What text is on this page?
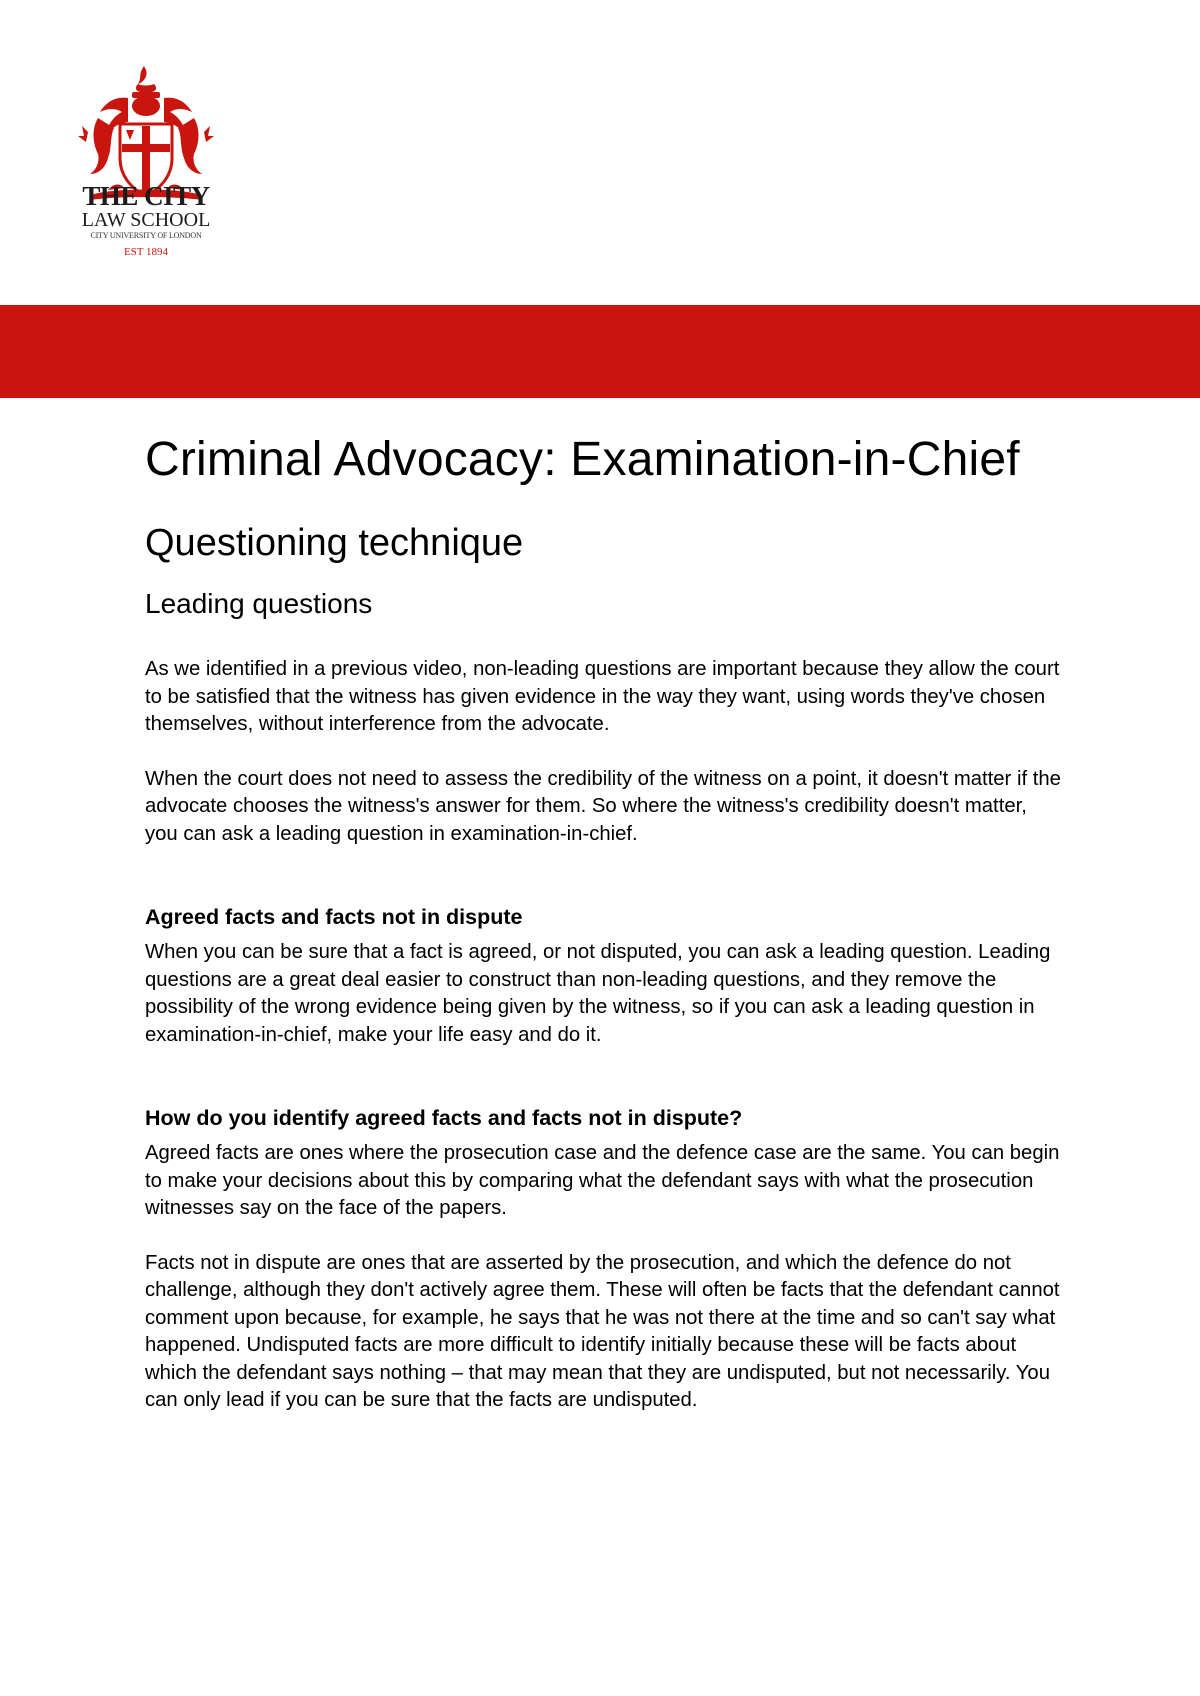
THE CITY
LAW SCHOOL
CITY UNIVERSITY OF LONDON
EST 1894
Criminal Advocacy: Examination-in-Chief
Questioning technique
Leading questions

As we identified in a previous video, non-leading questions are important because they allow the court to be satisfied that the witness has given evidence in the way they want, using words they've chosen themselves, without interference from the advocate.

When the court does not need to assess the credibility of the witness on a point, it doesn't matter if the advocate chooses the witness's answer for them. So where the witness's credibility doesn't matter, you can ask a leading question in examination-in-chief.

Agreed facts and facts not in dispute

When you can be sure that a fact is agreed, or not disputed, you can ask a leading question. Leading questions are a great deal easier to construct than non-leading questions, and they remove the possibility of the wrong evidence being given by the witness, so if you can ask a leading question in examination-in-chief, make your life easy and do it.

How do you identify agreed facts and facts not in dispute?

Agreed facts are ones where the prosecution case and the defence case are the same. You can begin to make your decisions about this by comparing what the defendant says with what the prosecution witnesses say on the face of the papers.

Facts not in dispute are ones that are asserted by the prosecution, and which the defence do not challenge, although they don't actively agree them. These will often be facts that the defendant cannot comment upon because, for example, he says that he was not there at the time and so can't say what happened. Undisputed facts are more difficult to identify initially because these will be facts about which the defendant says nothing – that may mean that they are undisputed, but not necessarily. You can only lead if you can be sure that the facts are undisputed.
